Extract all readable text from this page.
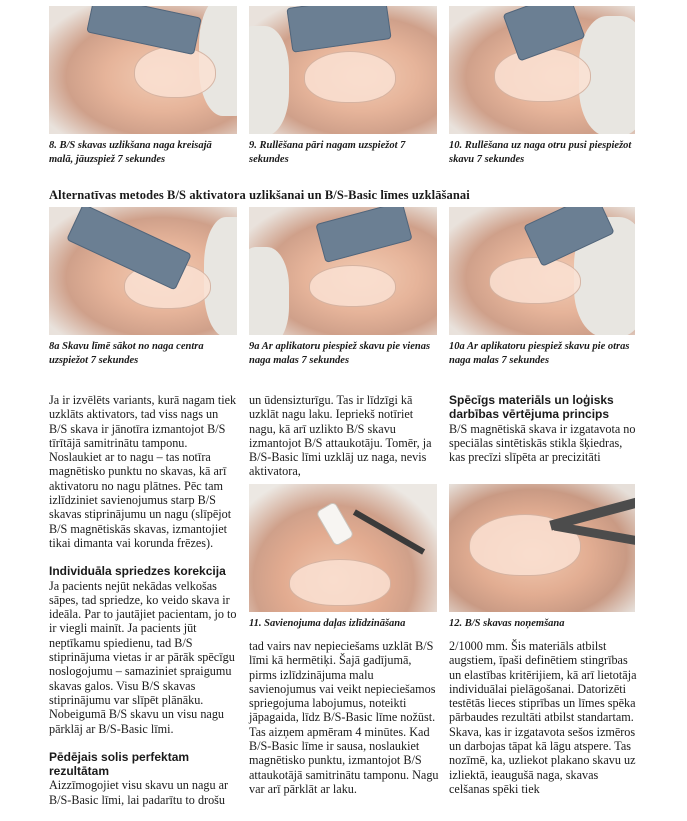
8. B/S skavas uzlikšana naga kreisajā malā, jāuzspiež 7 sekundes
9. Rullēšana pāri nagam uzspiežot 7 sekundes
10. Rullēšana uz naga otru pusi piespiežot skavu 7 sekundes
Alternatīvas metodes B/S aktivatora uzlikšanai un B/S-Basic līmes uzklāšanai
8a Skavu līmē sākot no naga centra uzspiežot 7 sekundes
9a Ar aplikatoru piespiež skavu pie vienas naga malas 7 sekundes
10a Ar aplikatoru piespiež skavu pie otras naga malas 7 sekundes

Ja ir izvēlēts variants, kurā nagam tiek uzklāts aktivators, tad viss nags un B/S skava ir jānotīra izmantojot B/S tīrītājā samitrinātu tamponu. Noslaukiet ar to nagu – tas notīra magnētisko punktu no skavas, kā arī aktivatoru no nagu plātnes. Pēc tam izlīdziniet savienojumus starp B/S skavas stiprinājumu un nagu (slīpējot B/S magnētiskās skavas, izmantojiet tikai dimanta vai korunda frēzes).

Individuāla spriedzes korekcija

Ja pacients nejūt nekādas velkošas sāpes, tad spriedze, ko veido skava ir ideāla. Par to jautājiet pacientam, jo to ir viegli mainīt. Ja pacients jūt neptīkamu spiedienu, tad B/S stiprinājuma vietas ir ar pārāk spēcīgu noslogojumu – samaziniet spraigumu skavas galos. Visu B/S skavas stiprinājumu var slīpēt plānāku. Nobeigumā B/S skavu un visu nagu pārklāj ar B/S-Basic līmi.

Pēdējais solis perfektam rezultātam

Aizzīmogojiet visu skavu un nagu ar B/S-Basic līmi, lai padarītu to drošu

un ūdensizturīgu. Tas ir līdzīgi kā uzklāt nagu laku. Iepriekš notīriet nagu, kā arī uzlikto B/S skavu izmantojot B/S attaukotāju. Tomēr, ja B/S-Basic līmi uzklāj uz naga, nevis aktivatora,

11. Savienojuma daļas izlīdzināšana

tad vairs nav nepieciešams uzklāt B/S līmi kā hermētiķi. Šajā gadījumā, pirms izlīdzinājuma malu savienojumus vai veikt nepieciešamos spriegojuma labojumus, noteikti jāpagaida, līdz B/S-Basic līme nožūst. Tas aizņem apmēram 4 minūtes. Kad B/S-Basic līme ir sausa, noslaukiet magnētisko punktu, izmantojot B/S attaukotājā samitrinātu tamponu. Nagu var arī pārklāt ar laku.

Spēcīgs materiāls un loģisks darbības vērtējuma princips

B/S magnētiskā skava ir izgatavota no speciālas sintētiskās stikla šķiedras, kas precīzi slīpēta ar precizitāti

12. B/S skavas noņemšana

2/1000 mm. Šis materiāls atbilst augstiem, īpaši definētiem stingrības un elastības kritērijiem, kā arī lietotāja individuālai pielāgošanai. Datorizēti testētās lieces stiprības un līmes spēka pārbaudes rezultāti atbilst standartam. Skava, kas ir izgatavota sešos izmēros un darbojas tāpat kā lāgu atspere. Tas nozīmē, ka, uzliekot plakano skavu uz izliektā, ieaugušā naga, skavas celšanas spēki tiek
